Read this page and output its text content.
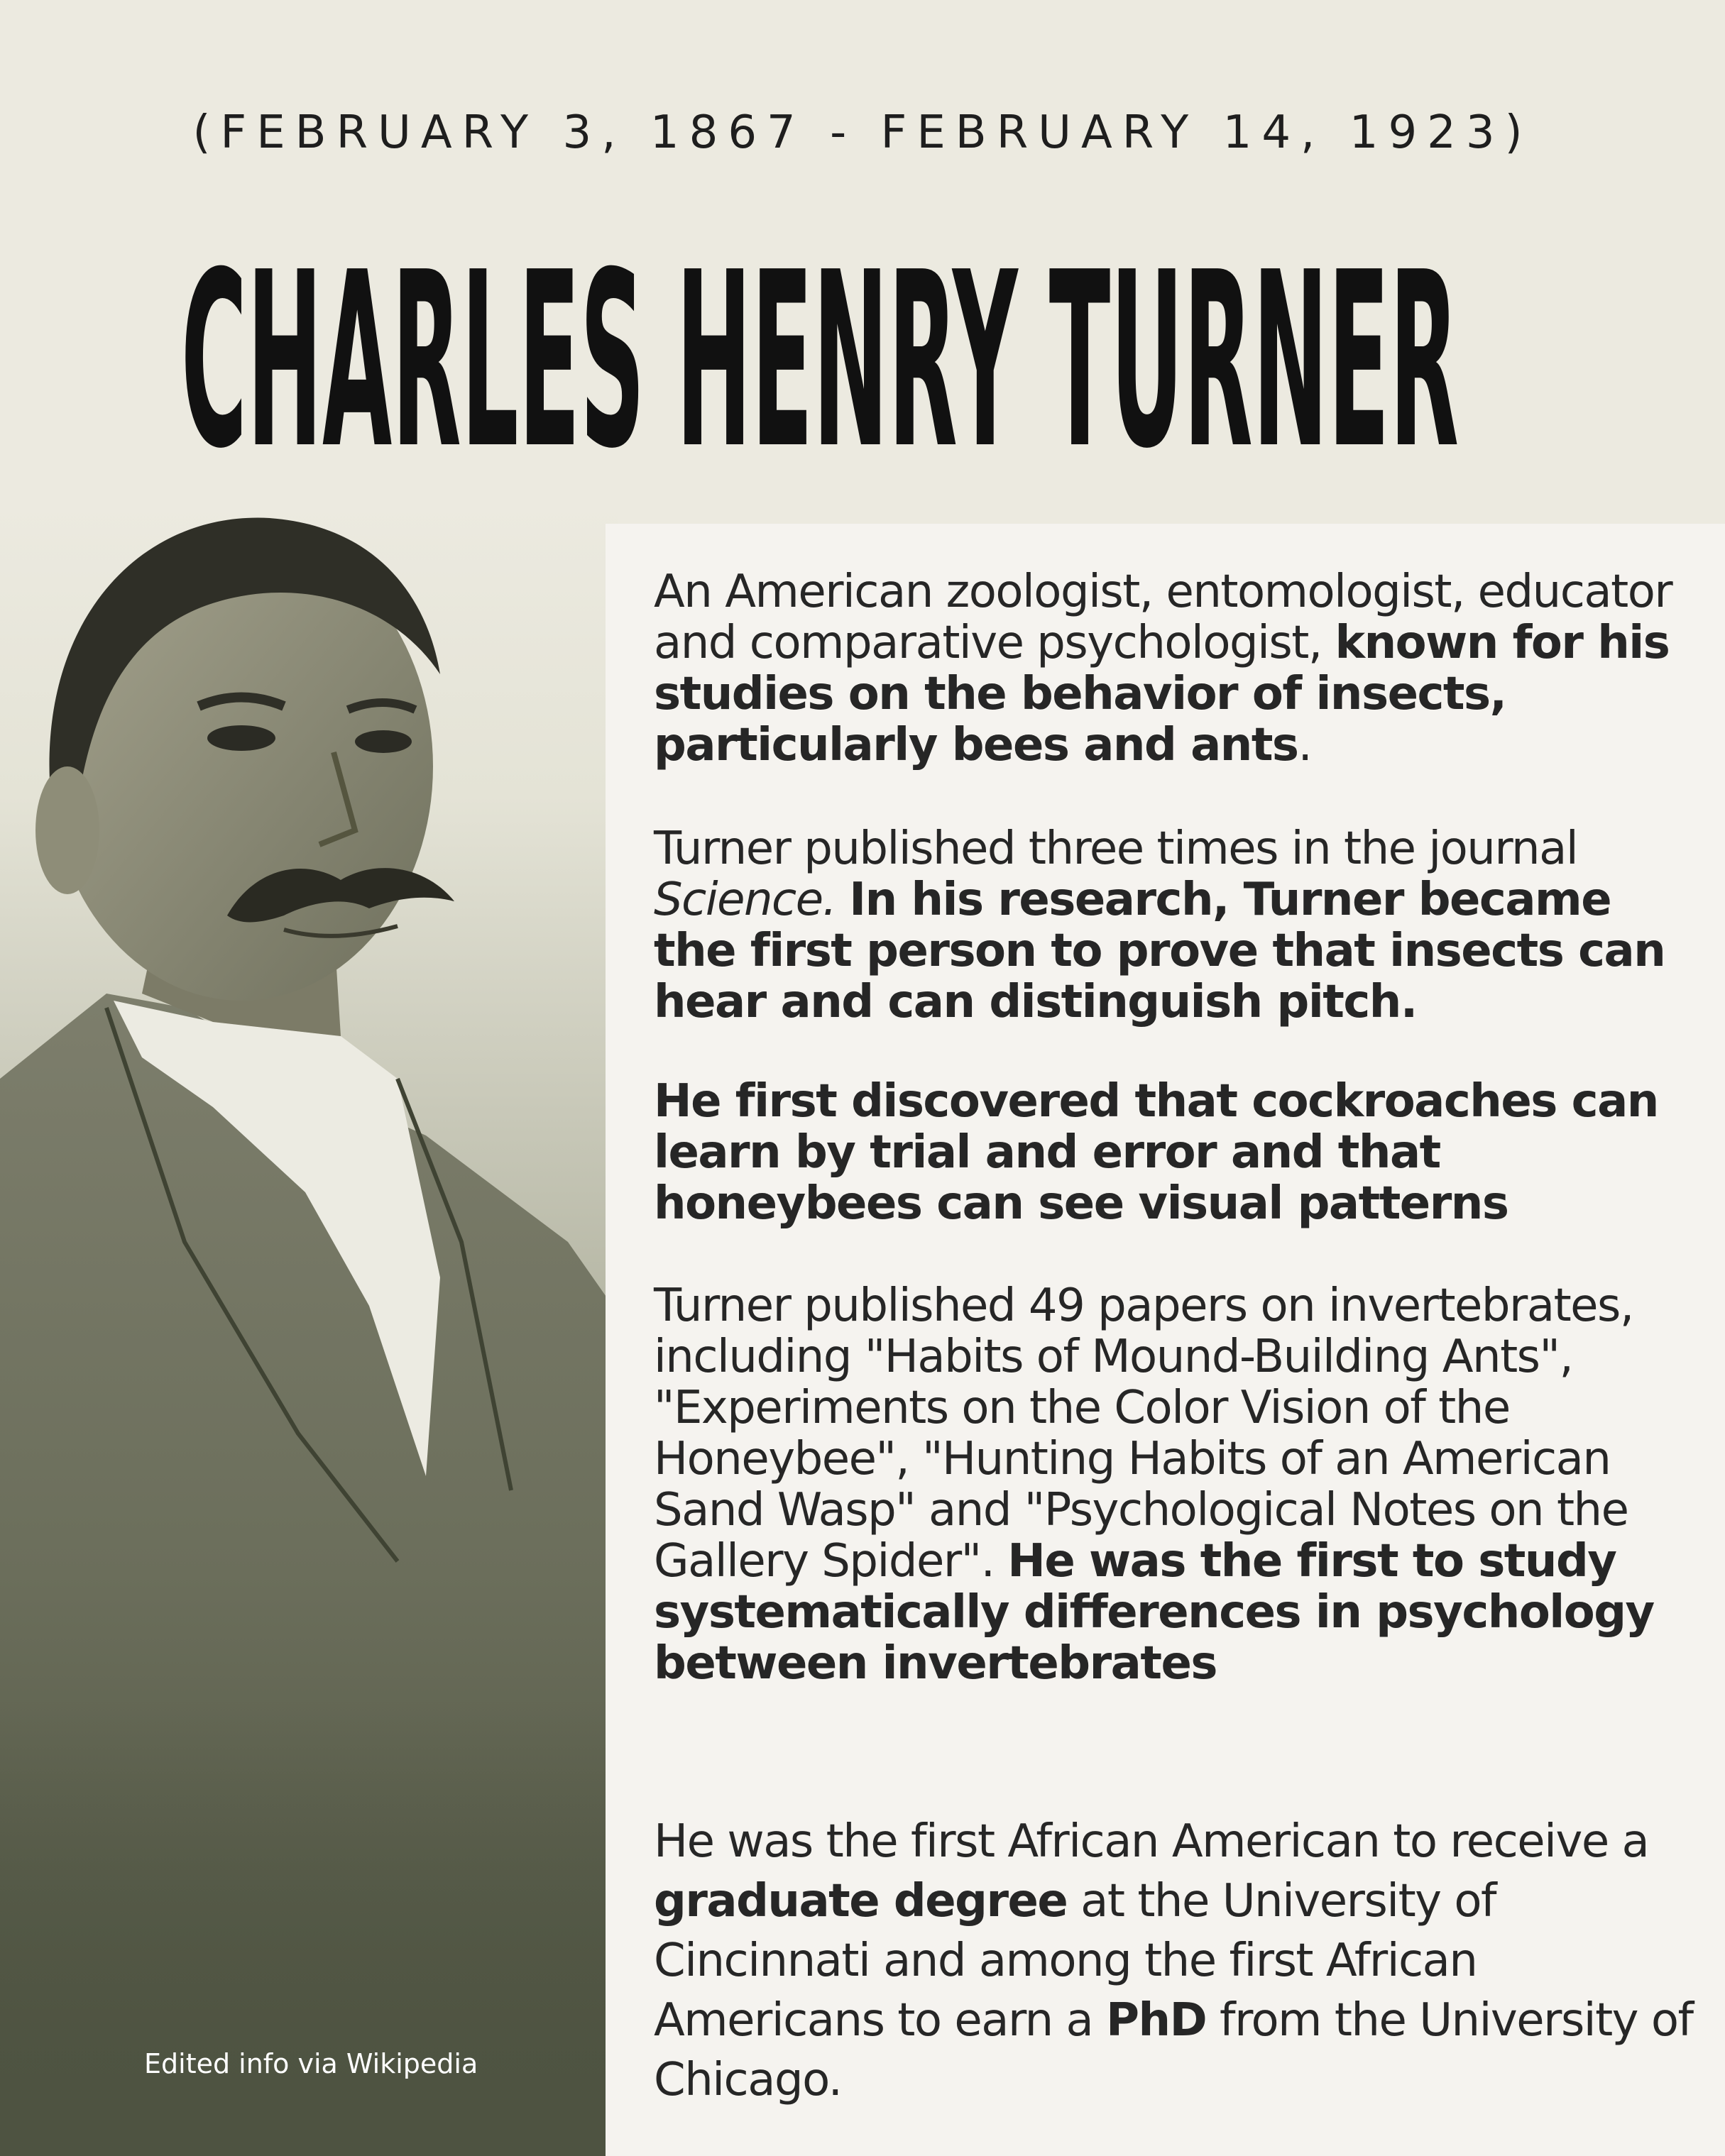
(FEBRUARY 3, 1867 - FEBRUARY 14, 1923)
CHARLES HENRY TURNER
Edited info via Wikipedia

An American zoologist, entomologist, educator and comparative psychologist, known for his studies on the behavior of insects, particularly bees and ants.

Turner published three times in the journal Science. In his research, Turner became the first person to prove that insects can hear and can distinguish pitch.

He first discovered that cockroaches can learn by trial and error and that honeybees can see visual patterns

Turner published 49 papers on invertebrates, including "Habits of Mound-Building Ants", "Experiments on the Color Vision of the Honeybee", "Hunting Habits of an American Sand Wasp" and "Psychological Notes on the Gallery Spider". He was the first to study systematically differences in psychology between invertebrates

He was the first African American to receive a graduate degree at the University of Cincinnati and among the first African Americans to earn a PhD from the University of Chicago.
